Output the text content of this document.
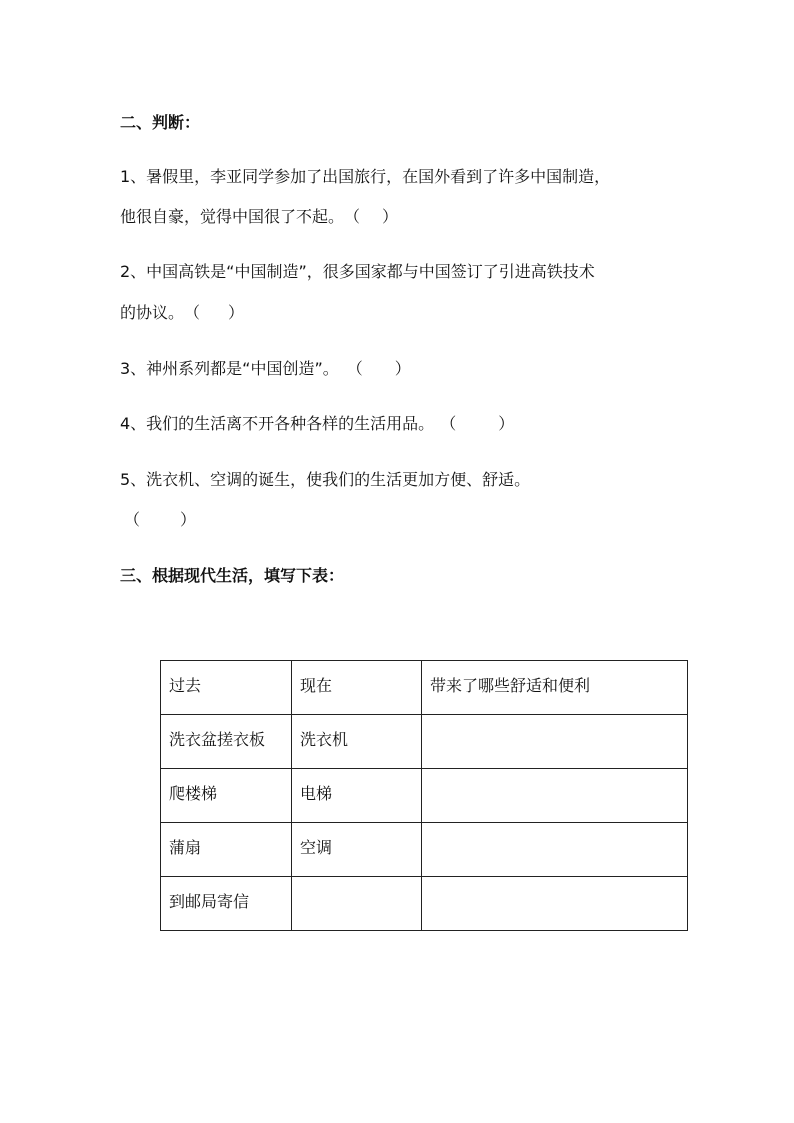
二、判断：
1、暑假里，李亚同学参加了出国旅行，在国外看到了许多中国制造，
他很自豪，觉得中国很了不起。（ ）
2、中国高铁是“中国制造”，很多国家都与中国签订了引进高铁技术
的协议。（ ）
3、神州系列都是“中国创造”。 （ ）
4、我们的生活离不开各种各样的生活用品。 （	）
5、洗衣机、空调的诞生，使我们的生活更加方便、舒适。
（	）
三、根据现代生活，填写下表：
过去	现在	带来了哪些舒适和便利

洗衣盆搓衣板	洗衣机	

爬楼梯	电梯	

蒲扇	空调	

到邮局寄信		
